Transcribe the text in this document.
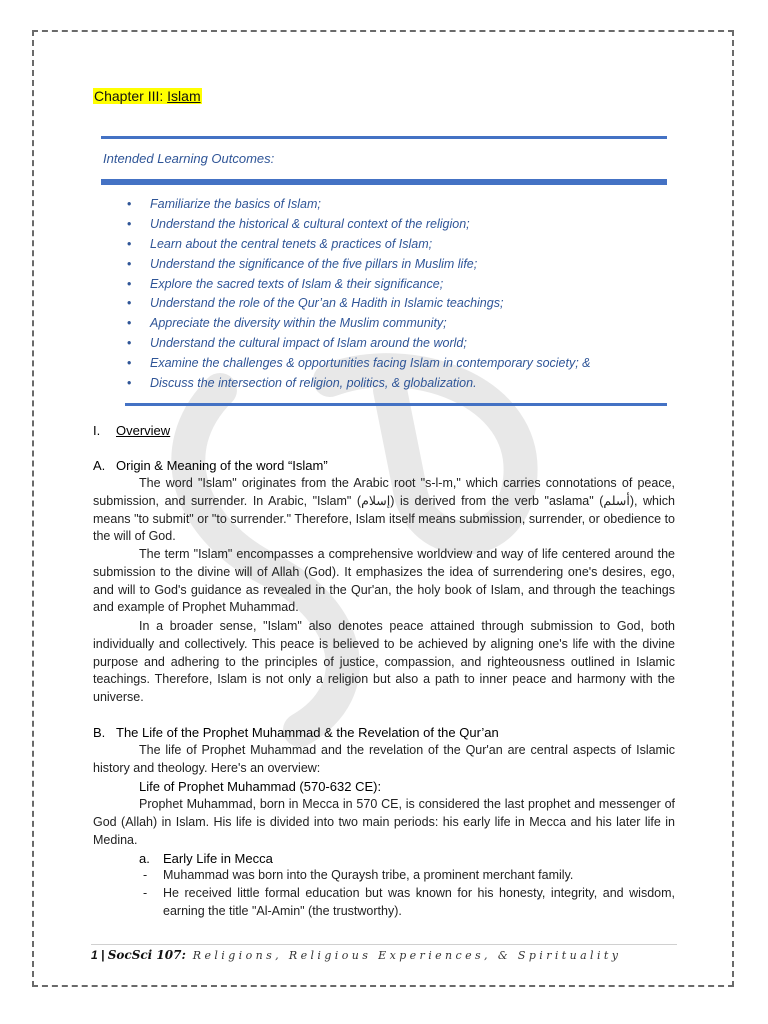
Chapter III: Islam
Intended Learning Outcomes:
• Familiarize the basics of Islam;
• Understand the historical & cultural context of the religion;
• Learn about the central tenets & practices of Islam;
• Understand the significance of the five pillars in Muslim life;
• Explore the sacred texts of Islam & their significance;
• Understand the role of the Qur’an & Hadith in Islamic teachings;
• Appreciate the diversity within the Muslim community;
• Understand the cultural impact of Islam around the world;
• Examine the challenges & opportunities facing Islam in contemporary society; &
• Discuss the intersection of religion, politics, & globalization.
I. Overview
A. Origin & Meaning of the word “Islam”

The word "Islam" originates from the Arabic root "s-l-m," which carries connotations of peace, submission, and surrender. In Arabic, "Islam" (إسلام) is derived from the verb "aslama" (أسلم), which means "to submit" or "to surrender." Therefore, Islam itself means submission, surrender, or obedience to the will of God.

The term "Islam" encompasses a comprehensive worldview and way of life centered around the submission to the divine will of Allah (God). It emphasizes the idea of surrendering one's desires, ego, and will to God's guidance as revealed in the Qur'an, the holy book of Islam, and through the teachings and example of Prophet Muhammad.

In a broader sense, "Islam" also denotes peace attained through submission to God, both individually and collectively. This peace is believed to be achieved by aligning one's life with the divine purpose and adhering to the principles of justice, compassion, and righteousness outlined in Islamic teachings. Therefore, Islam is not only a religion but also a path to inner peace and harmony with the universe.

B. The Life of the Prophet Muhammad & the Revelation of the Qur’an

The life of Prophet Muhammad and the revelation of the Qur'an are central aspects of Islamic history and theology. Here's an overview:

Life of Prophet Muhammad (570-632 CE):

Prophet Muhammad, born in Mecca in 570 CE, is considered the last prophet and messenger of God (Allah) in Islam. His life is divided into two main periods: his early life in Mecca and his later life in Medina.

a. Early Life in Mecca
- Muhammad was born into the Quraysh tribe, a prominent merchant family.
- He received little formal education but was known for his honesty, integrity, and wisdom, earning the title "Al-Amin" (the trustworthy).
1 | SocSci 107: Religions, Religious Experiences, & Spirituality
